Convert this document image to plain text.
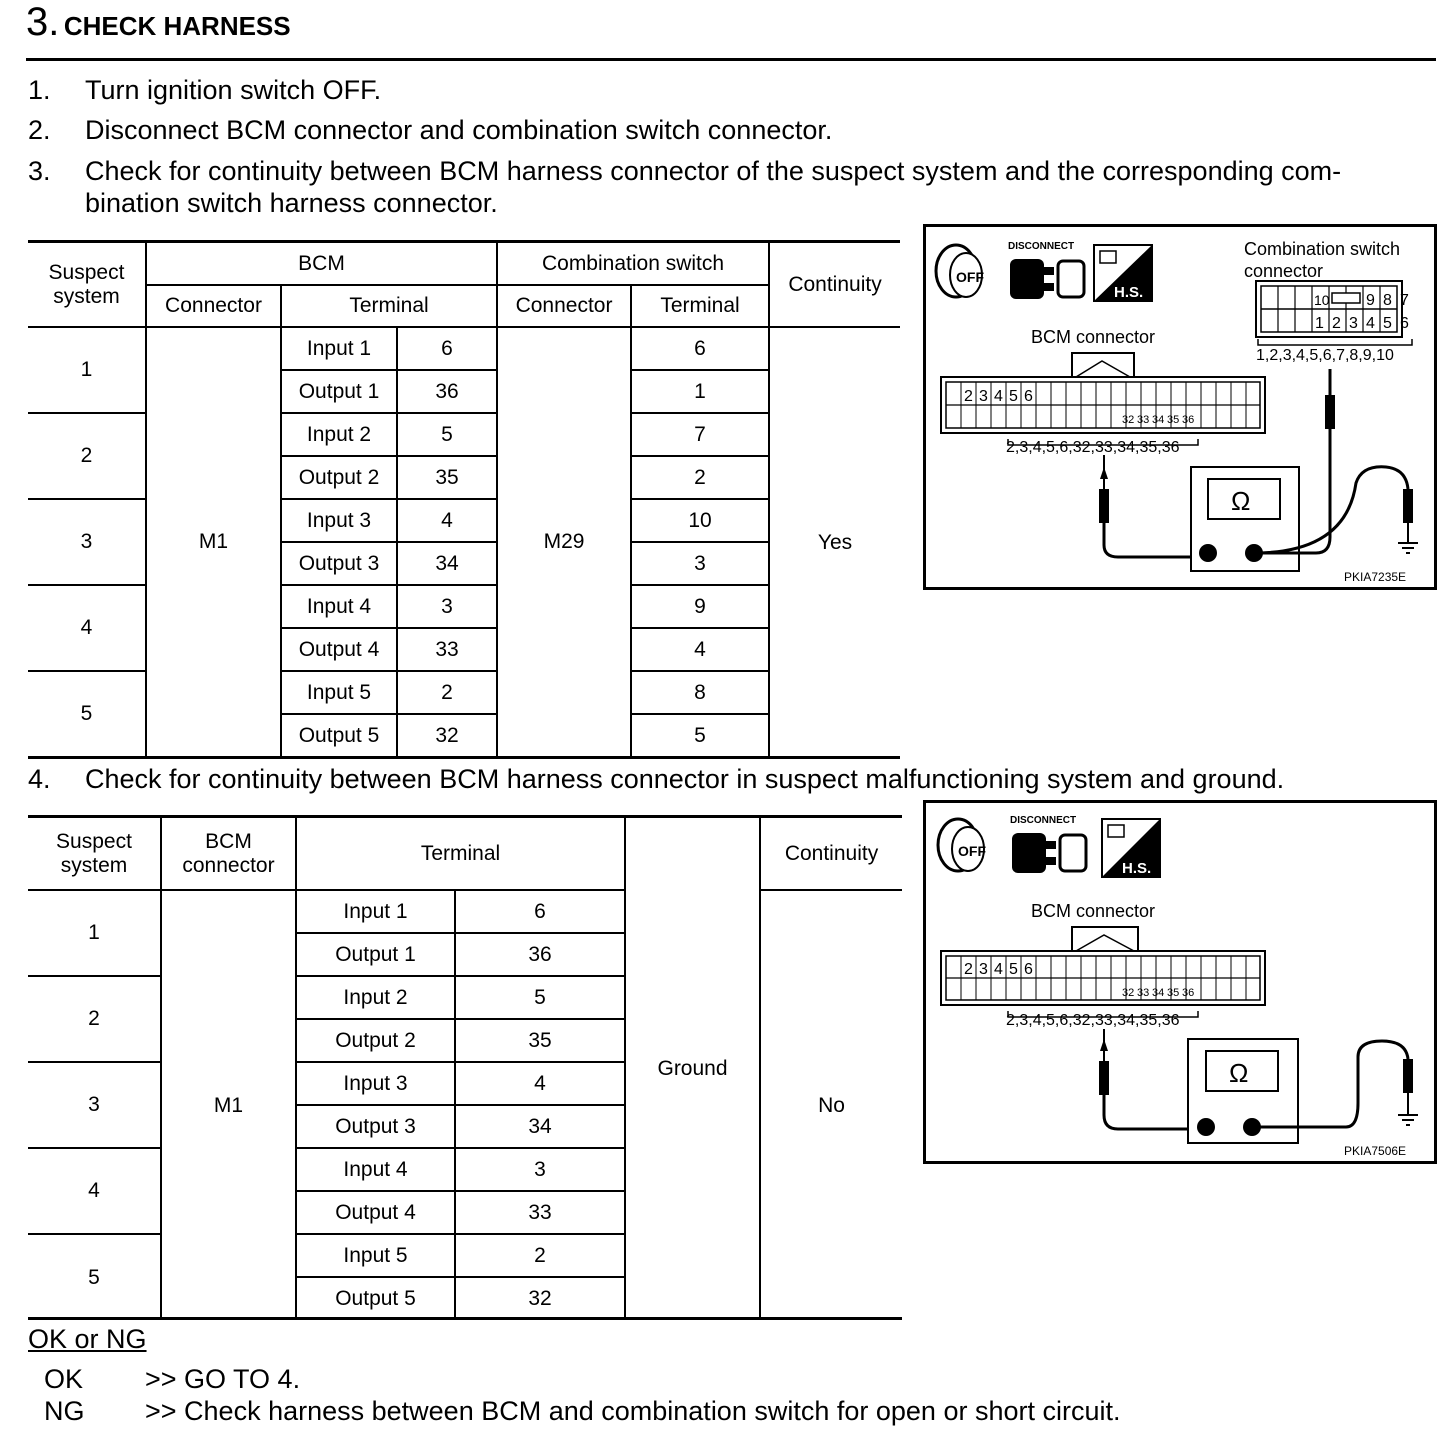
3. CHECK HARNESS
1. Turn ignition switch OFF.
2. Disconnect BCM connector and combination switch connector.
3. Check for continuity between BCM harness connector of the suspect system and the corresponding com-
bination switch harness connector.
Suspect
system	BCM			Combination switch		Continuity
	Connector	Terminal		Connector	Terminal	
1	M1	Input 1	6	M29	6	Yes
		Output 1	36		1	
2		Input 2	5		7	
		Output 2	35		2	
3		Input 3	4		10	
		Output 3	34		3	
4		Input 4	3		9	
		Output 4	33		4	
5		Input 5	2		8	
		Output 5	32		5	
OFF
DISCONNECT
H.S.
Combination switch
connector
10 9 8 7
1 2 3 4 5 6
1,2,3,4,5,6,7,8,9,10
BCM connector
2 3 4 5 6
32 33 34 35 36
2,3,4,5,6,32,33,34,35,36
Ω
PKIA7235E
4. Check for continuity between BCM harness connector in suspect malfunctioning system and ground.
Suspect
system	BCM
connector	Terminal		Ground	Continuity
1	M1	Input 1	6		No
		Output 1	36		
2		Input 2	5		
		Output 2	35		
3		Input 3	4		
		Output 3	34		
4		Input 4	3		
		Output 4	33		
5		Input 5	2		
		Output 5	32		
OFF
DISCONNECT
H.S.
BCM connector
2 3 4 5 6
32 33 34 35 36
2,3,4,5,6,32,33,34,35,36
Ω
PKIA7506E
OK or NG
OK >> GO TO 4.
NG >> Check harness between BCM and combination switch for open or short circuit.
